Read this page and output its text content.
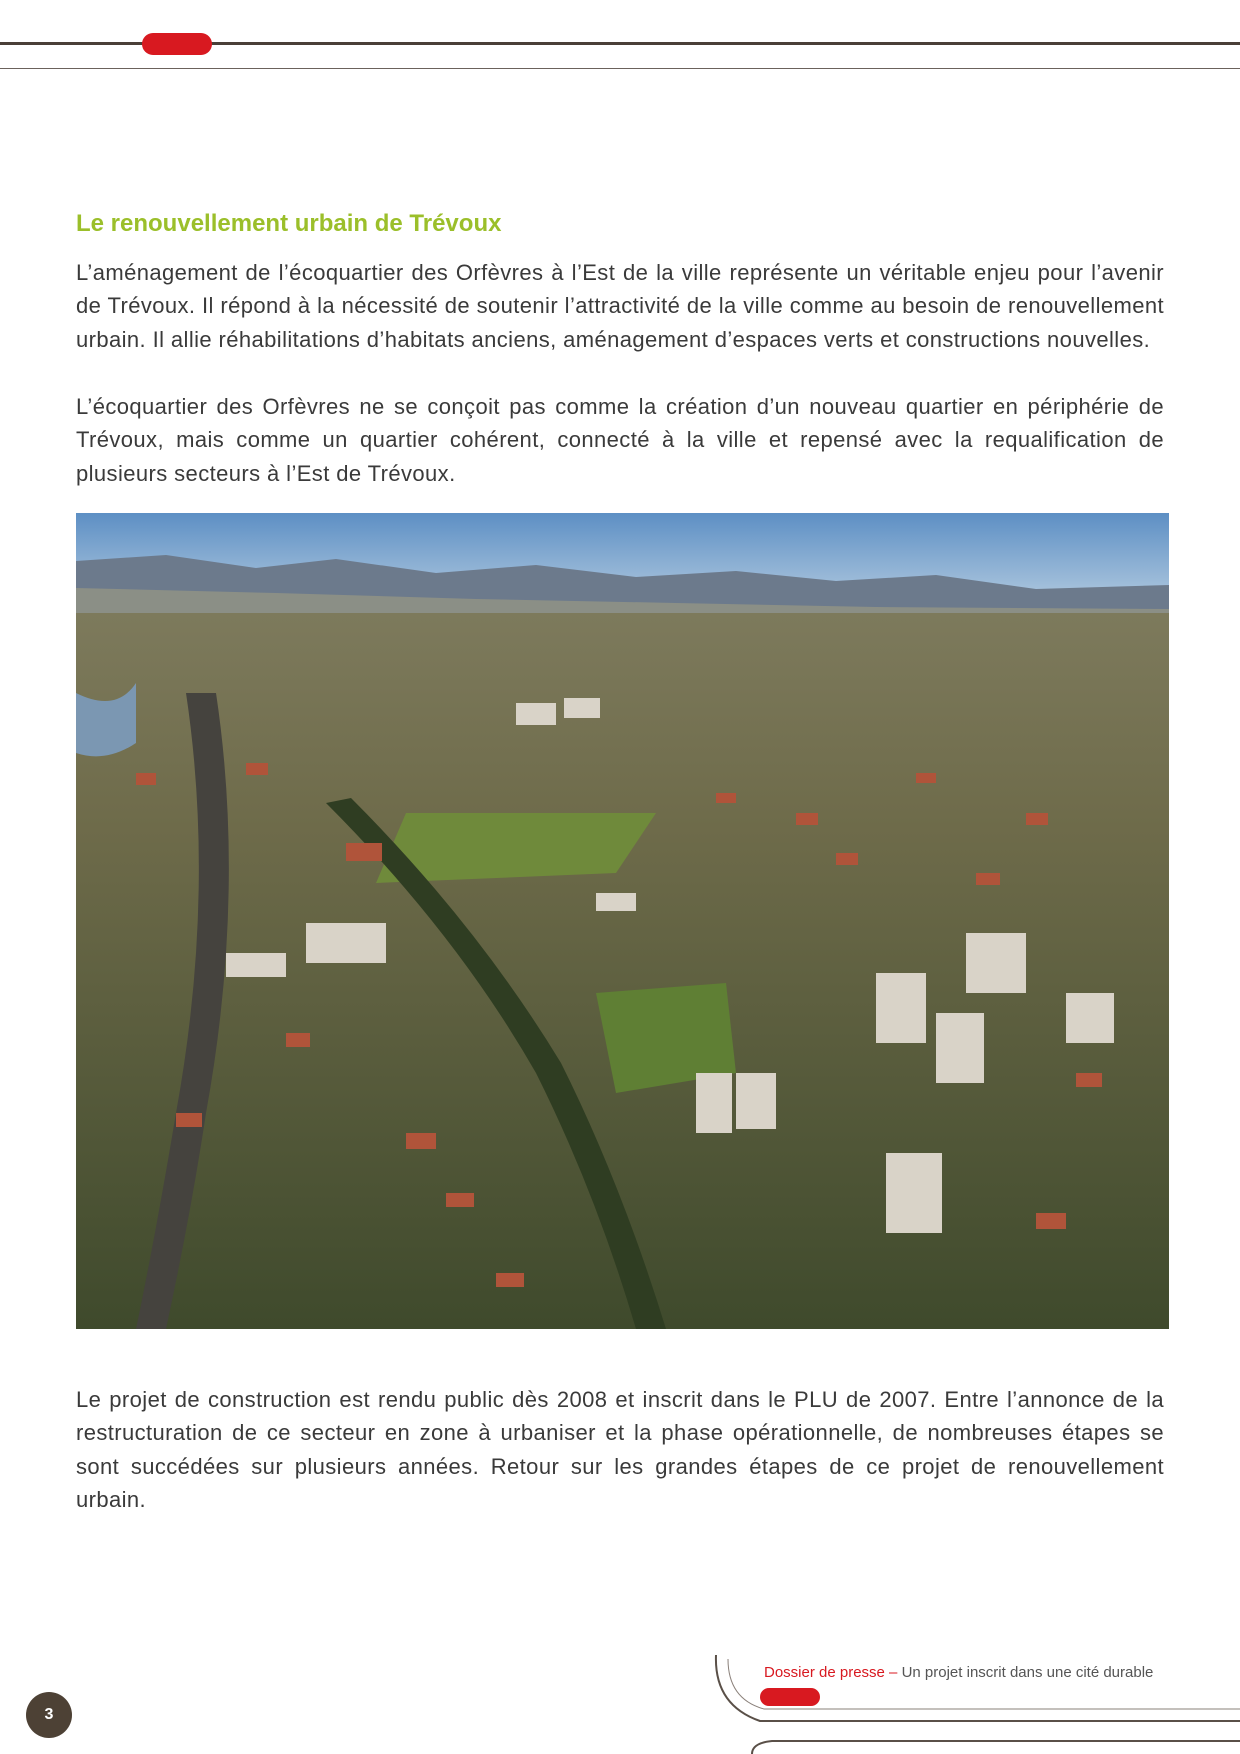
Le renouvellement urbain de Trévoux

L’aménagement de l’écoquartier des Orfèvres à l’Est de la ville représente un véritable enjeu pour l’avenir de Trévoux. Il répond à la nécessité de soutenir l’attractivité de la ville comme au besoin de renouvellement urbain. Il allie réhabilitations d’habitats anciens, aménagement d’espaces verts et constructions nouvelles.

L’écoquartier des Orfèvres ne se conçoit pas comme la création d’un nouveau quartier en périphérie de Trévoux, mais comme un quartier cohérent, connecté à la ville et repensé avec la requalification de plusieurs secteurs à l’Est de Trévoux.

Le projet de construction est rendu public dès 2008 et inscrit dans le PLU de 2007. Entre l’annonce de la restructuration de ce secteur en zone à urbaniser et la phase opérationnelle, de nombreuses étapes se sont succédées sur plusieurs années. Retour sur les grandes étapes de ce projet de renouvellement urbain.

Dossier de presse – Un projet inscrit dans une cité durable
3
